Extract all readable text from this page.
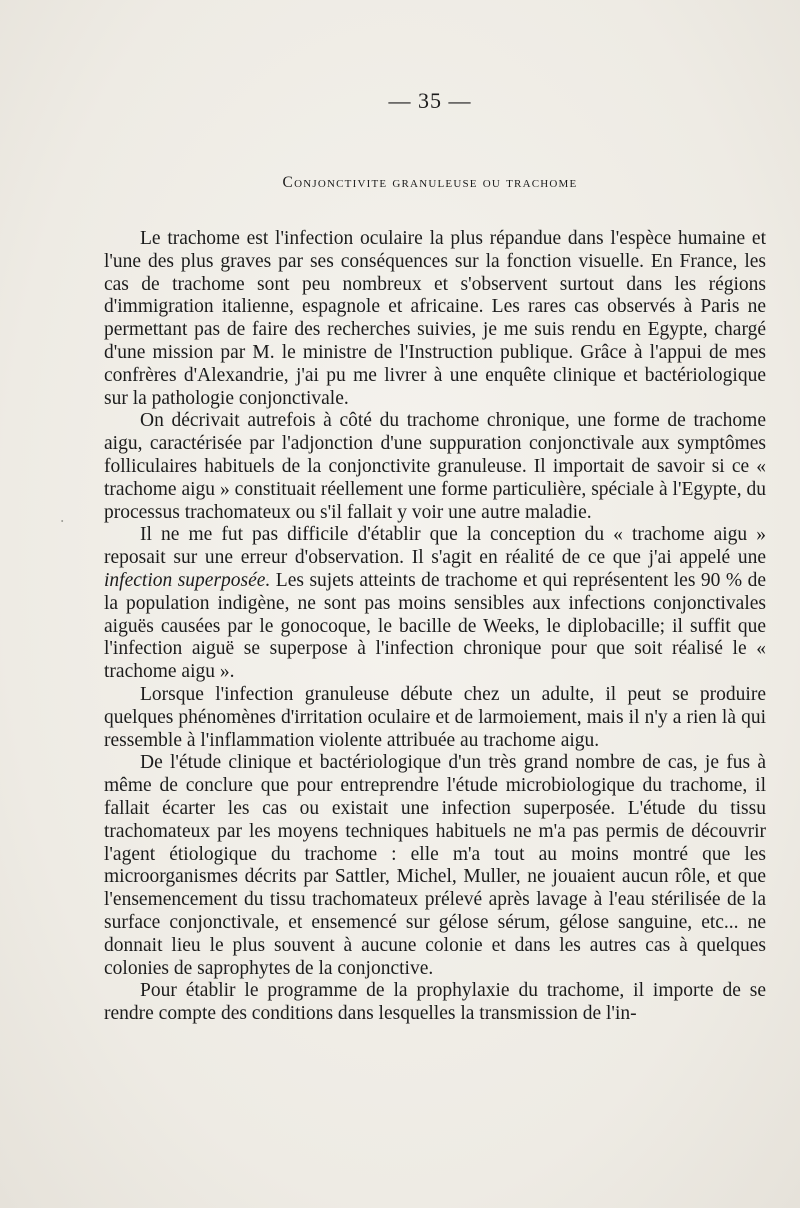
— 35 —
Conjonctivite granuleuse ou trachome
᛫

Le trachome est l'infection oculaire la plus répandue dans l'espèce humaine et l'une des plus graves par ses conséquences sur la fonction visuelle. En France, les cas de trachome sont peu nombreux et s'observent surtout dans les régions d'immigration italienne, espagnole et africaine. Les rares cas observés à Paris ne permettant pas de faire des recherches suivies, je me suis rendu en Egypte, chargé d'une mission par M. le ministre de l'Instruction publique. Grâce à l'appui de mes confrères d'Alexandrie, j'ai pu me livrer à une enquête clinique et bactériologique sur la pathologie conjonctivale.

On décrivait autrefois à côté du trachome chronique, une forme de trachome aigu, caractérisée par l'adjonction d'une suppuration conjonctivale aux symptômes folliculaires habituels de la conjonctivite granuleuse. Il importait de savoir si ce « trachome aigu » constituait réellement une forme particulière, spéciale à l'Egypte, du processus trachomateux ou s'il fallait y voir une autre maladie.

Il ne me fut pas difficile d'établir que la conception du « trachome aigu » reposait sur une erreur d'observation. Il s'agit en réalité de ce que j'ai appelé une infection superposée. Les sujets atteints de trachome et qui représentent les 90 % de la population indigène, ne sont pas moins sensibles aux infections conjonctivales aiguës causées par le gonocoque, le bacille de Weeks, le diplobacille; il suffit que l'infection aiguë se superpose à l'infection chronique pour que soit réalisé le « trachome aigu ».

Lorsque l'infection granuleuse débute chez un adulte, il peut se produire quelques phénomènes d'irritation oculaire et de larmoiement, mais il n'y a rien là qui ressemble à l'inflammation violente attribuée au trachome aigu.

De l'étude clinique et bactériologique d'un très grand nombre de cas, je fus à même de conclure que pour entreprendre l'étude microbiologique du trachome, il fallait écarter les cas ou existait une infection superposée. L'étude du tissu trachomateux par les moyens techniques habituels ne m'a pas permis de découvrir l'agent étiologique du trachome : elle m'a tout au moins montré que les microorganismes décrits par Sattler, Michel, Muller, ne jouaient aucun rôle, et que l'ensemencement du tissu trachomateux prélevé après lavage à l'eau stérilisée de la surface conjonctivale, et ensemencé sur gélose sérum, gélose sanguine, etc... ne donnait lieu le plus souvent à aucune colonie et dans les autres cas à quelques colonies de saprophytes de la conjonctive.

Pour établir le programme de la prophylaxie du trachome, il importe de se rendre compte des conditions dans lesquelles la transmission de l'in-
